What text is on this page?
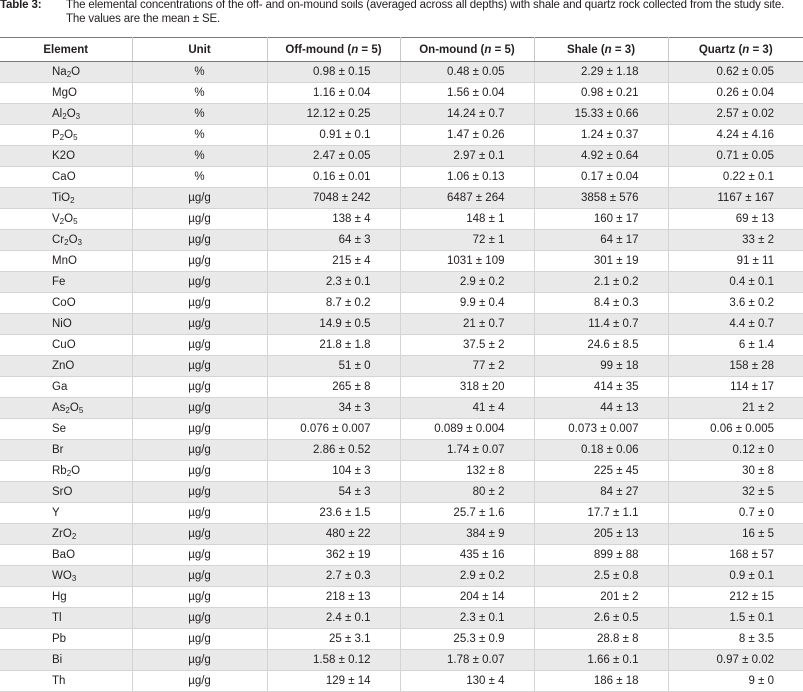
Table 3: The elemental concentrations of the off- and on-mound soils (averaged across all depths) with shale and quartz rock collected from the study site.
The values are the mean ± SE.
Element	Unit	Off-mound (n = 5)	On-mound (n = 5)	Shale (n = 3)	Quartz (n = 3)
$Na_2O$	%	0.98 ± 0.15	0.48 ± 0.05	2.29 ± 1.18	0.62 ± 0.05
MgO	%	1.16 ± 0.04	1.56 ± 0.04	0.98 ± 0.21	0.26 ± 0.04
$Al_2O_3$	%	12.12 ± 0.25	14.24 ± 0.7	15.33 ± 0.66	2.57 ± 0.02
$P_2O_5$	%	0.91 ± 0.1	1.47 ± 0.26	1.24 ± 0.37	4.24 ± 4.16
K2O	%	2.47 ± 0.05	2.97 ± 0.1	4.92 ± 0.64	0.71 ± 0.05
CaO	%	0.16 ± 0.01	1.06 ± 0.13	0.17 ± 0.04	0.22 ± 0.1
TiO$_2$	µg/g	7048 ± 242	6487 ± 264	3858 ± 576	1167 ± 167
$V_2O_5$	µg/g	138 ± 4	148 ± 1	160 ± 17	69 ± 13
$Cr_2O_3$	µg/g	64 ± 3	72 ± 1	64 ± 17	33 ± 2
MnO	µg/g	215 ± 4	1031 ± 109	301 ± 19	91 ± 11
Fe	µg/g	2.3 ± 0.1	2.9 ± 0.2	2.1 ± 0.2	0.4 ± 0.1
CoO	µg/g	8.7 ± 0.2	9.9 ± 0.4	8.4 ± 0.3	3.6 ± 0.2
NiO	µg/g	14.9 ± 0.5	21 ± 0.7	11.4 ± 0.7	4.4 ± 0.7
CuO	µg/g	21.8 ± 1.8	37.5 ± 2	24.6 ± 8.5	6 ± 1.4
ZnO	µg/g	51 ± 0	77 ± 2	99 ± 18	158 ± 28
Ga	µg/g	265 ± 8	318 ± 20	414 ± 35	114 ± 17
$As_2O_5$	µg/g	34 ± 3	41 ± 4	44 ± 13	21 ± 2
Se	µg/g	0.076 ± 0.007	0.089 ± 0.004	0.073 ± 0.007	0.06 ± 0.005
Br	µg/g	2.86 ± 0.52	1.74 ± 0.07	0.18 ± 0.06	0.12 ± 0
$Rb_2O$	µg/g	104 ± 3	132 ± 8	225 ± 45	30 ± 8
SrO	µg/g	54 ± 3	80 ± 2	84 ± 27	32 ± 5
Y	µg/g	23.6 ± 1.5	25.7 ± 1.6	17.7 ± 1.1	0.7 ± 0
ZrO$_2$	µg/g	480 ± 22	384 ± 9	205 ± 13	16 ± 5
BaO	µg/g	362 ± 19	435 ± 16	899 ± 88	168 ± 57
$WO_3$	µg/g	2.7 ± 0.3	2.9 ± 0.2	2.5 ± 0.8	0.9 ± 0.1
Hg	µg/g	218 ± 13	204 ± 14	201 ± 2	212 ± 15
Tl	µg/g	2.4 ± 0.1	2.3 ± 0.1	2.6 ± 0.5	1.5 ± 0.1
Pb	µg/g	25 ± 3.1	25.3 ± 0.9	28.8 ± 8	8 ± 3.5
Bi	µg/g	1.58 ± 0.12	1.78 ± 0.07	1.66 ± 0.1	0.97 ± 0.02
Th	µg/g	129 ± 14	130 ± 4	186 ± 18	9 ± 0
